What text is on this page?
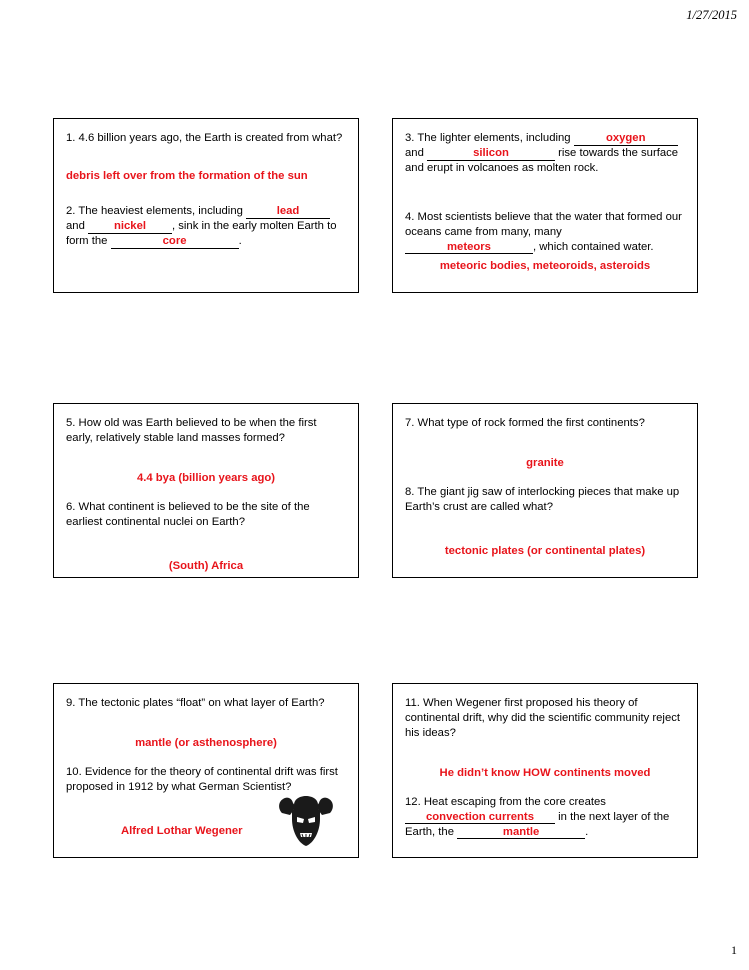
1/27/2015
1. 4.6 billion years ago, the Earth is created from what?
debris left over from the formation of the sun
2. The heaviest elements, including	lead
and nickel , sink in the early molten Earth to form the	core	.
3. The lighter elements, including	oxygen
and	silicon	rise towards the surface and erupt in volcanoes as molten rock.
4. Most scientists believe that the water that formed our oceans came from many, many
meteors	, which contained water.
meteoric bodies, meteoroids, asteroids
5. How old was Earth believed to be when the first early, relatively stable land masses formed?
4.4 bya (billion years ago)
6. What continent is believed to be the site of the earliest continental nuclei on Earth?
(South) Africa
7. What type of rock formed the first continents?
granite
8. The giant jig saw of interlocking pieces that make up Earth’s crust are called what?
tectonic plates (or continental plates)
9. The tectonic plates “float” on what layer of Earth?
mantle (or asthenosphere)
10. Evidence for the theory of continental drift was first proposed in 1912 by what German Scientist?
Alfred Lothar Wegener
11. When Wegener first proposed his theory of continental drift, why did the scientific community reject his ideas?
He didn’t know HOW continents moved
12. Heat escaping from the core creates
convection currents in the next layer of the Earth, the	mantle	.
1
